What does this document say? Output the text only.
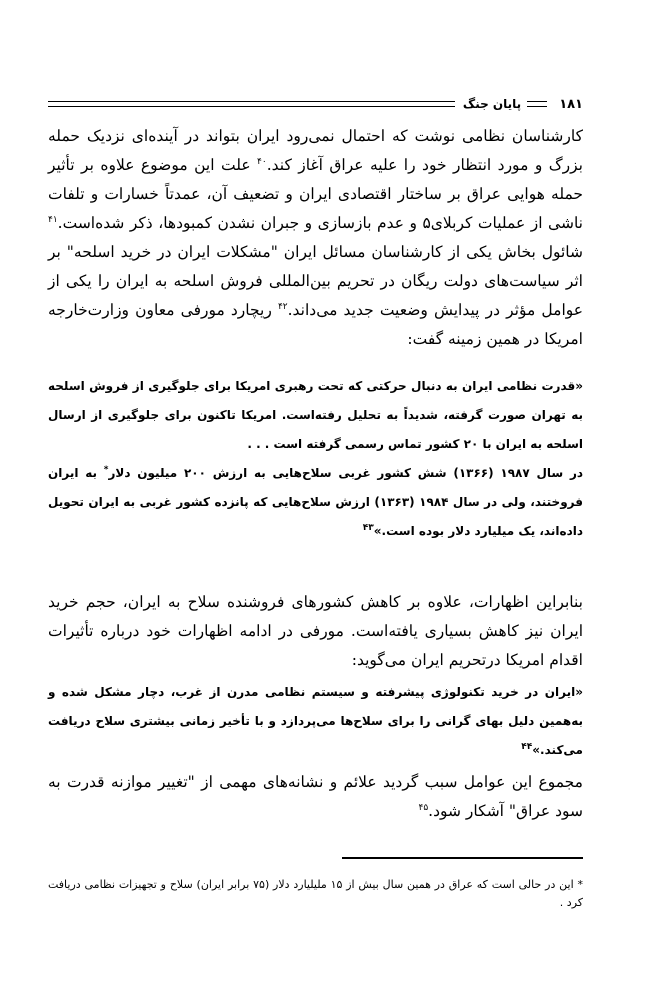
۱۸۱
پایان جنگ

کارشناسان نظامی نوشت که احتمال نمی‌رود ایران بتواند در آینده‌ای نزدیک حمله بزرگ و مورد انتظار خود را علیه عراق آغاز کند.$^{۴۰}$ علت این موضوع علاوه بر تأثیر حمله هوایی عراق بر ساختار اقتصادی ایران و تضعیف آن، عمدتاً خسارات و تلفات ناشی از عملیات کربلای۵ و عدم بازسازی و جبران نشدن کمبودها، ذکر شده‌است.$^{۴۱}$ شائول بخاش یکی از کارشناسان مسائل ایران "مشکلات ایران در خرید اسلحه" بر اثر سیاست‌های دولت ریگان در تحریم بین‌المللی فروش اسلحه به ایران را یکی از عوامل مؤثر در پیدایش وضعیت جدید می‌داند.$^{۴۲}$ ریچارد مورفی معاون وزارت‌خارجه امریکا در همین زمینه گفت:

«قدرت نظامی ایران به دنبال حرکتی که تحت رهبری امریکا برای جلوگیری از فروش اسلحه به تهران صورت گرفته، شدیداً به تحلیل رفته‌است. امریکا تاکنون برای جلوگیری از ارسال اسلحه به ایران با ۲۰ کشور تماس رسمی گرفته است . . .

در سال ۱۹۸۷ (۱۳۶۶) شش کشور غربی سلاح‌هایی به ارزش ۲۰۰ میلیون دلار* به ایران فروختند، ولی در سال ۱۹۸۴ (۱۳۶۳) ارزش سلاح‌هایی که پانزده کشور غربی به ایران تحویل داده‌اند، یک میلیارد دلار بوده است.»$^{۴۳}$

بنابراین اظهارات، علاوه بر کاهش کشورهای فروشنده سلاح به ایران، حجم خرید ایران نیز کاهش بسیاری یافته‌است. مورفی در ادامه اظهارات خود درباره تأثیرات اقدام امریکا درتحریم ایران می‌گوید:

«ایران در خرید تکنولوژی پیشرفته و سیستم نظامی مدرن از غرب، دچار مشکل شده و به‌همین دلیل بهای گرانی را برای سلاح‌ها می‌پردازد و با تأخیر زمانی بیشتری سلاح دریافت می‌کند.»$^{۴۴}$

مجموع این عوامل سبب گردید علائم و نشانه‌های مهمی از "تغییر موازنه قدرت به سود عراق" آشکار شود.$^{۴۵}$

* این در حالی است که عراق در همین سال بیش از ۱۵ ملیلیارد دلار (۷۵ برابر ایران) سلاح و تجهیزات نظامی دریافت کرد .
